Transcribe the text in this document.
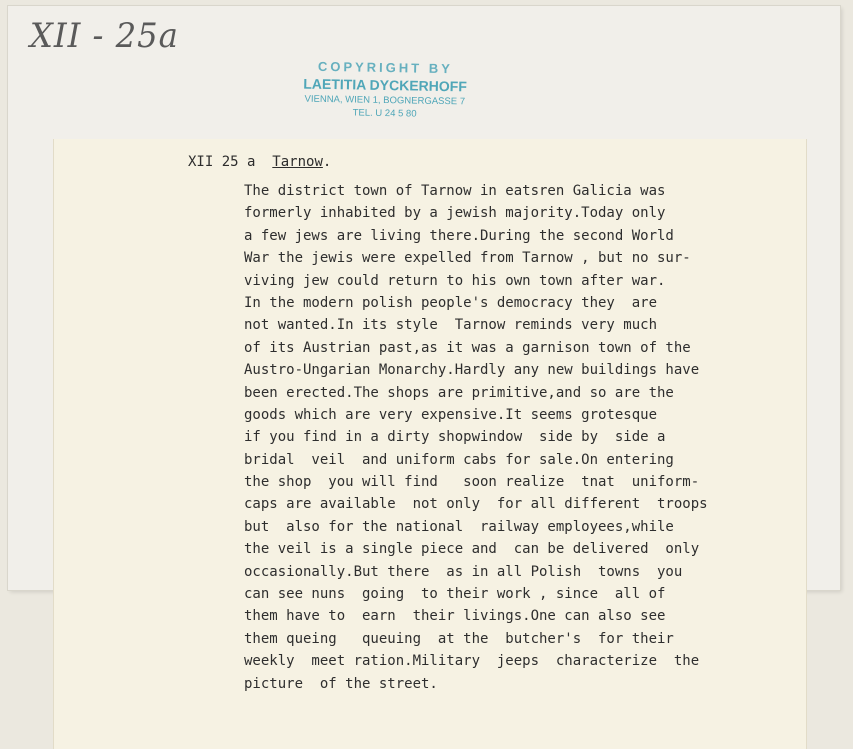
XII - 25a
COPYRIGHT BY
LAETITIA DYCKERHOFF
VIENNA, WIEN 1, BOGNERGASSE 7
TEL. U 24 5 80
XII 25 a Tarnow.
The district town of Tarnow in eatsren Galicia was
formerly inhabited by a jewish majority.Today only
a few jews are living there.During the second World
War the jewis were expelled from Tarnow , but no sur-
viving jew could return to his own town after war.
In the modern polish people's democracy they  are
not wanted.In its style  Tarnow reminds very much
of its Austrian past,as it was a garnison town of the
Austro-Ungarian Monarchy.Hardly any new buildings have
been erected.The shops are primitive,and so are the
goods which are very expensive.It seems grotesque
if you find in a dirty shopwindow  side by  side a
bridal  veil  and uniform cabs for sale.On entering
the shop  you will find   soon realize  tnat  uniform-
caps are available  not only  for all different  troops
but  also for the national  railway employees,while
the veil is a single piece and  can be delivered  only
occasionally.But there  as in all Polish  towns  you
can see nuns  going  to their work , since  all of
them have to  earn  their livings.One can also see
them queing   queuing  at the  butcher's  for their
weekly  meet ration.Military  jeeps  characterize  the
picture  of the street.
